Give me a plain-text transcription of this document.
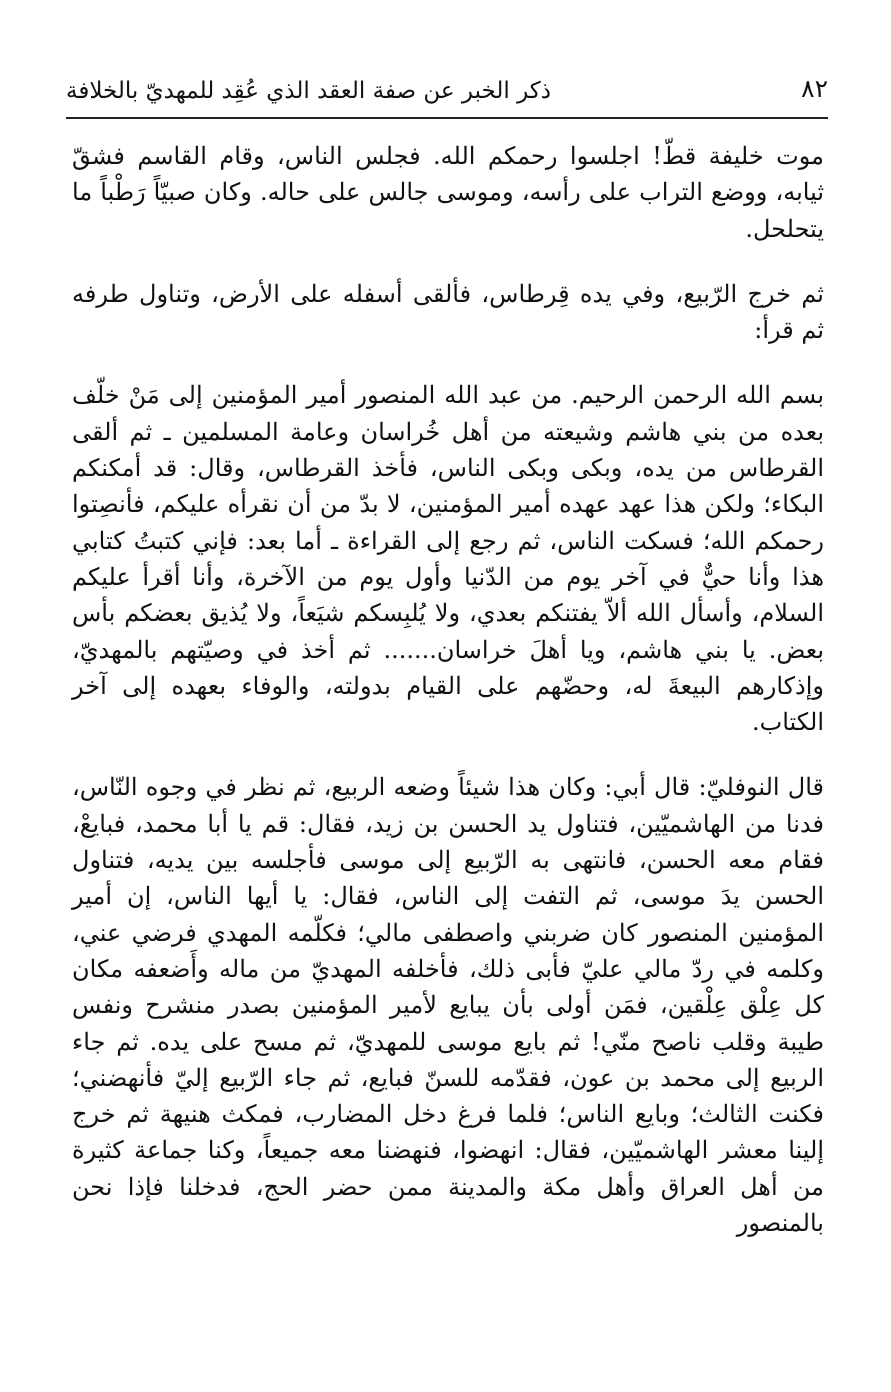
٨٢
ذكر الخبر عن صفة العقد الذي عُقِد للمهديّ بالخلافة

موت خليفة قطّ! اجلسوا رحمكم الله. فجلس الناس، وقام القاسم فشقّ ثيابه، ووضع التراب على رأسه، وموسى جالس على حاله. وكان صبيّاً رَطْباً ما يتحلحل.

ثم خرج الرّبيع، وفي يده قِرطاس، فألقى أسفله على الأرض، وتناول طرفه ثم قرأ:

بسم الله الرحمن الرحيم. من عبد الله المنصور أمير المؤمنين إلى مَنْ خلّف بعده من بني هاشم وشيعته من أهل خُراسان وعامة المسلمين ـ ثم ألقى القرطاس من يده، وبكى وبكى الناس، فأخذ القرطاس، وقال: قد أمكنكم البكاء؛ ولكن هذا عهد عهده أمير المؤمنين، لا بدّ من أن نقرأه عليكم، فأنصِتوا رحمكم الله؛ فسكت الناس، ثم رجع إلى القراءة ـ أما بعد: فإني كتبتُ كتابي هذا وأنا حيٌّ في آخر يوم من الدّنيا وأول يوم من الآخرة، وأنا أقرأ عليكم السلام، وأسأل الله ألاّ يفتنكم بعدي، ولا يُلبِسكم شيَعاً، ولا يُذيق بعضكم بأس بعض. يا بني هاشم، ويا أهلَ خراسان....... ثم أخذ في وصيّتهم بالمهديّ، وإذكارهم البيعةَ له، وحضّهم على القيام بدولته، والوفاء بعهده إلى آخر الكتاب.

قال النوفليّ: قال أبي: وكان هذا شيئاً وضعه الربيع، ثم نظر في وجوه النّاس، فدنا من الهاشميّين، فتناول يد الحسن بن زيد، فقال: قم يا أبا محمد، فبايعْ، فقام معه الحسن، فانتهى به الرّبيع إلى موسى فأجلسه بين يديه، فتناول الحسن يدَ موسى، ثم التفت إلى الناس، فقال: يا أيها الناس، إن أمير المؤمنين المنصور كان ضربني واصطفى مالي؛ فكلّمه المهدي فرضي عني، وكلمه في ردّ مالي عليّ فأبى ذلك، فأخلفه المهديّ من ماله وأَضعفه مكان كل عِلْق عِلْقين، فمَن أولى بأن يبايع لأمير المؤمنين بصدر منشرح ونفس طيبة وقلب ناصح منّي! ثم بايع موسى للمهديّ، ثم مسح على يده. ثم جاء الربيع إلى محمد بن عون، فقدّمه للسنّ فبايع، ثم جاء الرّبيع إليّ فأنهضني؛ فكنت الثالث؛ وبايع الناس؛ فلما فرغ دخل المضارب، فمكث هنيهة ثم خرج إلينا معشر الهاشميّين، فقال: انهضوا، فنهضنا معه جميعاً، وكنا جماعة كثيرة من أهل العراق وأهل مكة والمدينة ممن حضر الحج، فدخلنا فإذا نحن بالمنصور
